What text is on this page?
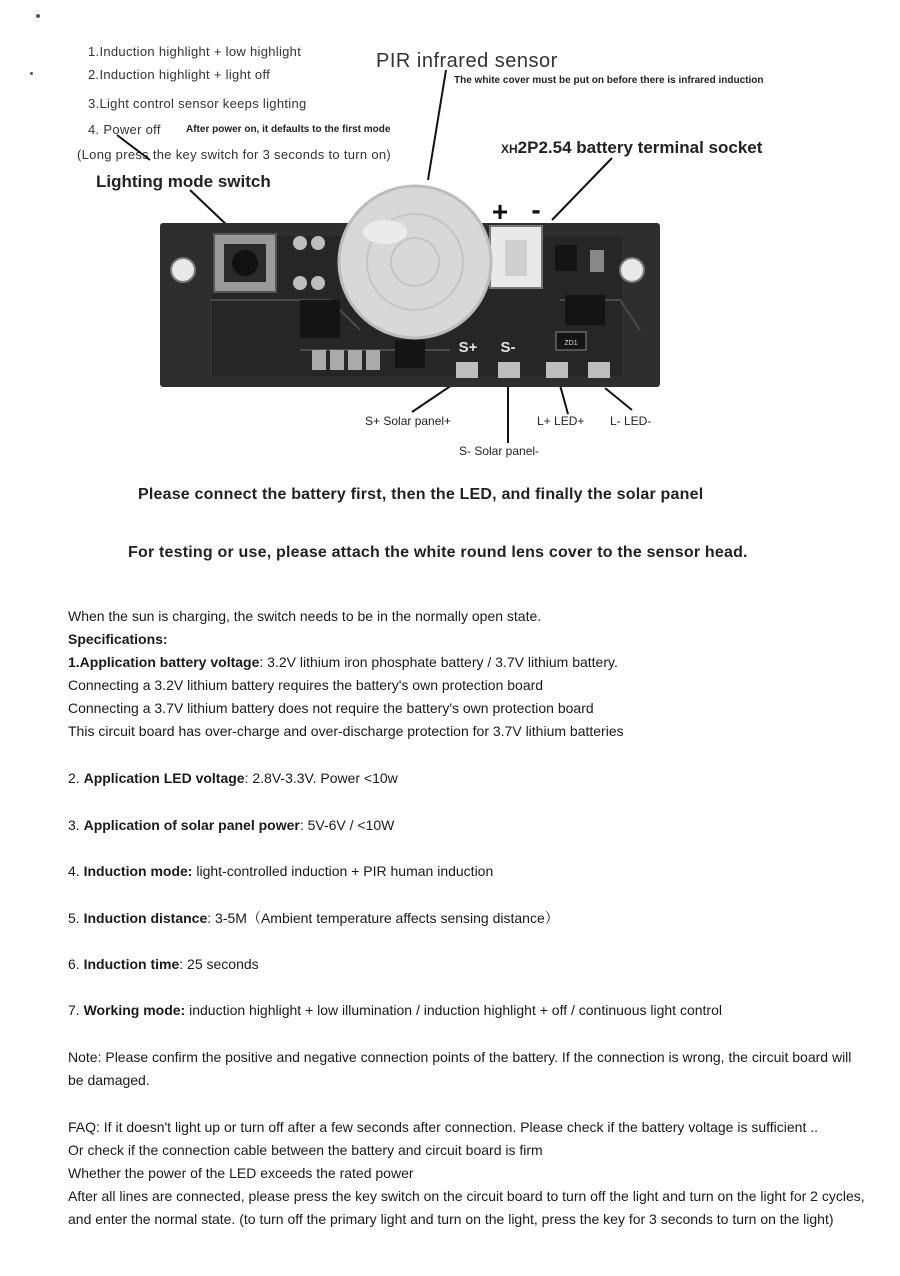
1.Induction highlight + low highlight
2.Induction highlight + light off
3.Light control sensor keeps lighting
4. Power off	After power on, it defaults to the first mode
(Long press the key switch for 3 seconds to turn on)
PIR infrared sensor
The white cover must be put on before there is infrared induction
XH2P2.54 battery terminal socket
Lighting mode switch
ZD1
+ -
S+ S-
S+ Solar panel+	L+ LED+ L- LED-
S- Solar panel-
Please connect the battery first, then the LED, and finally the solar panel
For testing or use, please attach the white round lens cover to the sensor head.
When the sun is charging, the switch needs to be in the normally open state.
Specifications:
1.Application battery voltage: 3.2V lithium iron phosphate battery / 3.7V lithium battery.
Connecting a 3.2V lithium battery requires the battery's own protection board
Connecting a 3.7V lithium battery does not require the battery's own protection board
This circuit board has over-charge and over-discharge protection for 3.7V lithium batteries
2. Application LED voltage: 2.8V-3.3V. Power <10w
3. Application of solar panel power: 5V-6V / <10W
4. Induction mode: light-controlled induction + PIR human induction
5. Induction distance: 3-5M（Ambient temperature affects sensing distance）
6. Induction time: 25 seconds
7. Working mode: induction highlight + low illumination / induction highlight + off / continuous light control
Note: Please confirm the positive and negative connection points of the battery. If the connection is wrong, the circuit board will be damaged.
FAQ: If it doesn't light up or turn off after a few seconds after connection. Please check if the battery voltage is sufficient ..
Or check if the connection cable between the battery and circuit board is firm
Whether the power of the LED exceeds the rated power
After all lines are connected, please press the key switch on the circuit board to turn off the light and turn on the light for 2 cycles, and enter the normal state. (to turn off the primary light and turn on the light, press the key for 3 seconds to turn on the light)
